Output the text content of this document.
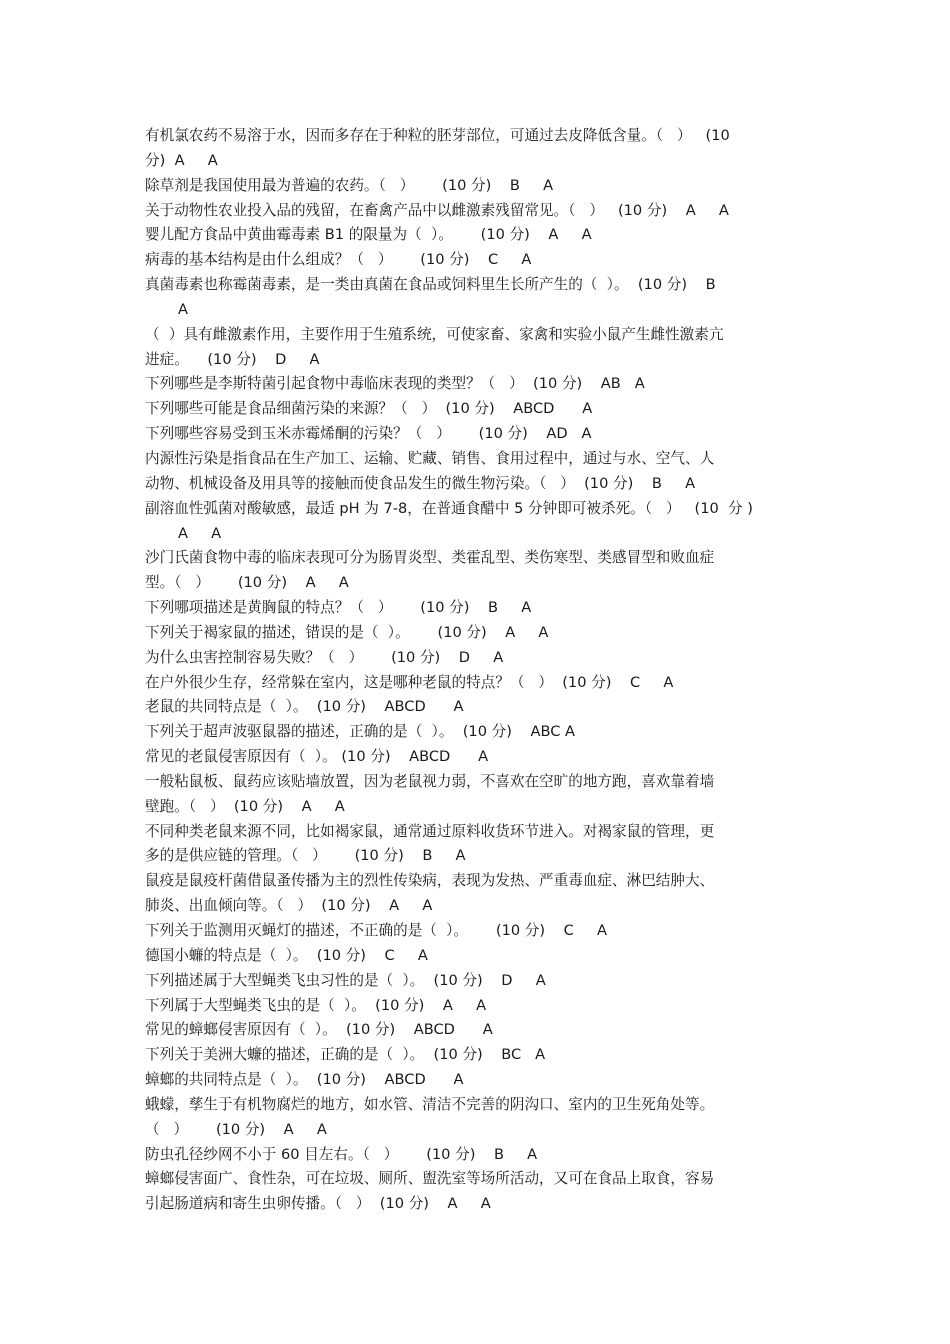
有机氯农药不易溶于水，因而多存在于种粒的胚芽部位，可通过去皮降低含量。（   ）   (10
分)  A     A
除草剂是我国使用最为普遍的农药。（   ）      (10 分)    B     A
关于动物性农业投入品的残留，在畜禽产品中以雌激素残留常见。（   ）   (10 分)    A     A
婴儿配方食品中黄曲霉毒素 B1 的限量为（  ）。      (10 分)    A     A
病毒的基本结构是由什么组成？（   ）      (10 分)    C     A
真菌毒素也称霉菌毒素，是一类由真菌在食品或饲料里生长所产生的（  ）。  (10 分)    B
A
（  ）具有雌激素作用，主要作用于生殖系统，可使家畜、家禽和实验小鼠产生雌性激素亢
进症。    (10 分)    D     A
下列哪些是李斯特菌引起食物中毒临床表现的类型？（   ）  (10 分)    AB   A
下列哪些可能是食品细菌污染的来源？（   ）  (10 分)    ABCD      A
下列哪些容易受到玉米赤霉烯酮的污染？（   ）      (10 分)    AD   A
内源性污染是指食品在生产加工、运输、贮藏、销售、食用过程中，通过与水、空气、人
动物、机械设备及用具等的接触而使食品发生的微生物污染。（   ）  (10 分)    B     A
副溶血性弧菌对酸敏感，最适 pH 为 7-8，在普通食醋中 5 分钟即可被杀死。（   ）   (10  分 )
A     A
沙门氏菌食物中毒的临床表现可分为肠胃炎型、类霍乱型、类伤寒型、类感冒型和败血症
型。（   ）      (10 分)    A     A
下列哪项描述是黄胸鼠的特点？（   ）      (10 分)    B     A
下列关于褐家鼠的描述，错误的是（  ）。      (10 分)    A     A
为什么虫害控制容易失败？（   ）      (10 分)    D     A
在户外很少生存，经常躲在室内，这是哪种老鼠的特点？（   ）  (10 分)    C     A
老鼠的共同特点是（  ）。  (10 分)    ABCD      A
下列关于超声波驱鼠器的描述，正确的是（  ）。  (10 分)    ABC A
常见的老鼠侵害原因有（  ）。 (10 分)    ABCD      A
一般粘鼠板、鼠药应该贴墙放置，因为老鼠视力弱，不喜欢在空旷的地方跑，喜欢靠着墙
壁跑。（   ）  (10 分)    A     A
不同种类老鼠来源不同，比如褐家鼠，通常通过原料收货环节进入。对褐家鼠的管理，更
多的是供应链的管理。（   ）      (10 分)    B     A
鼠疫是鼠疫杆菌借鼠蚤传播为主的烈性传染病，表现为发热、严重毒血症、淋巴结肿大、
肺炎、出血倾向等。（   ）  (10 分)    A     A
下列关于监测用灭蝇灯的描述，不正确的是（  ）。      (10 分)    C     A
德国小蠊的特点是（  ）。  (10 分)    C     A
下列描述属于大型蝇类飞虫习性的是（  ）。  (10 分)    D     A
下列属于大型蝇类飞虫的是（  ）。  (10 分)    A     A
常见的蟑螂侵害原因有（  ）。  (10 分)    ABCD      A
下列关于美洲大蠊的描述，正确的是（  ）。  (10 分)    BC   A
蟑螂的共同特点是（  ）。  (10 分)    ABCD      A
蛾蠓，孳生于有机物腐烂的地方，如水管、清洁不完善的阴沟口、室内的卫生死角处等。
（   ）      (10 分)    A     A
防虫孔径纱网不小于 60 目左右。（   ）      (10 分)    B     A
蟑螂侵害面广、食性杂，可在垃圾、厕所、盥洗室等场所活动，又可在食品上取食，容易
引起肠道病和寄生虫卵传播。（   ）  (10 分)    A     A
